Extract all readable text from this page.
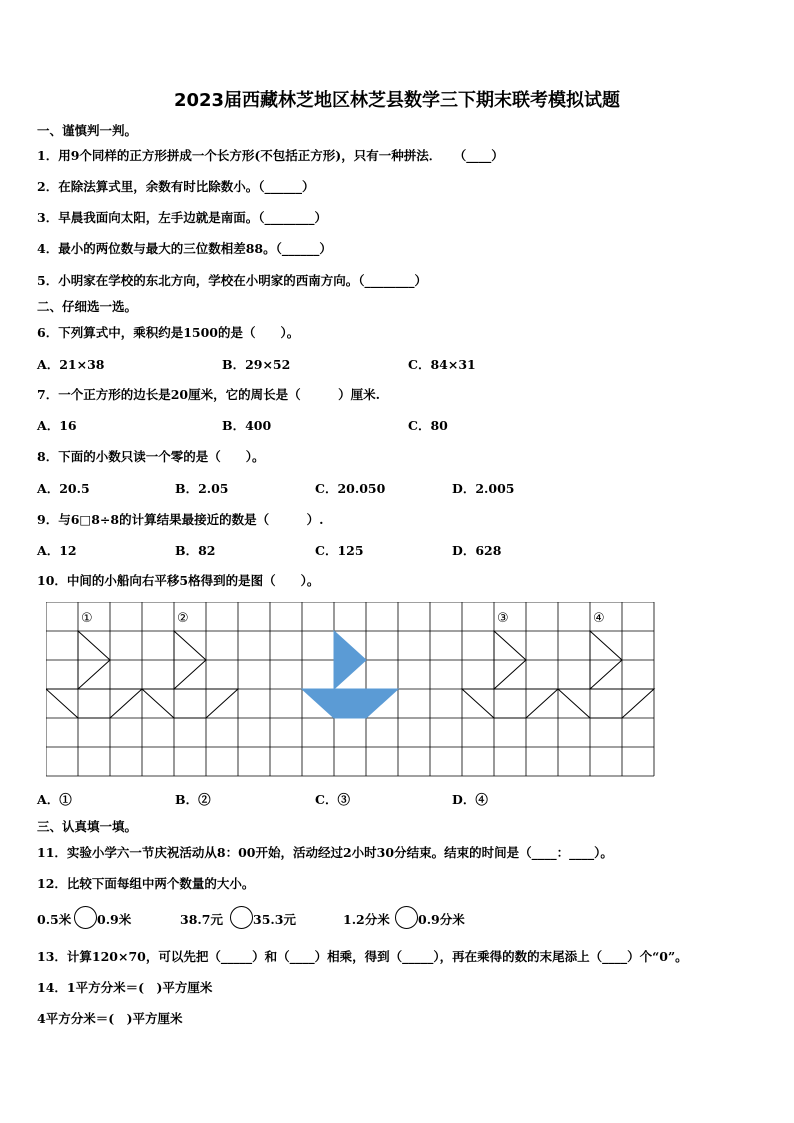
2023届西藏林芝地区林芝县数学三下期末联考模拟试题
一、谨慎判一判。
1．用9个同样的正方形拼成一个长方形(不包括正方形)，只有一种拼法．　　（____）
2．在除法算式里，余数有时比除数小。（______）
3．早晨我面向太阳，左手边就是南面。（________）
4．最小的两位数与最大的三位数相差88。（______）
5．小明家在学校的东北方向，学校在小明家的西南方向。（________）
二、仔细选一选。
6．下列算式中，乘积约是1500的是（　　）。
A．21×38	B．29×52	C．84×31
7．一个正方形的边长是20厘米，它的周长是（　　　）厘米.
A．16	B．400	C．80
8．下面的小数只读一个零的是（　　）。
A．20.5	B．2.05	C．20.050	D．2.005
9．与6□8÷8的计算结果最接近的数是（　　　）.
A．12	B．82	C．125	D．628
10．中间的小船向右平移5格得到的是图（　　）。
①	②	③	④
A．①	B．②	C．③	D．④
三、认真填一填。
11．实验小学六一节庆祝活动从8：00开始，活动经过2小时30分结束。结束的时间是（____：____）。
12．比较下面每组中两个数量的大小。
0.5米 0.9米	38.7元 35.3元	1.2分米 0.9分米
13．计算120×70，可以先把（_____）和（____）相乘，得到（_____），再在乘得的数的末尾添上（____）个“0”。
14．1平方分米＝(　)平方厘米
4平方分米＝(　)平方厘米
